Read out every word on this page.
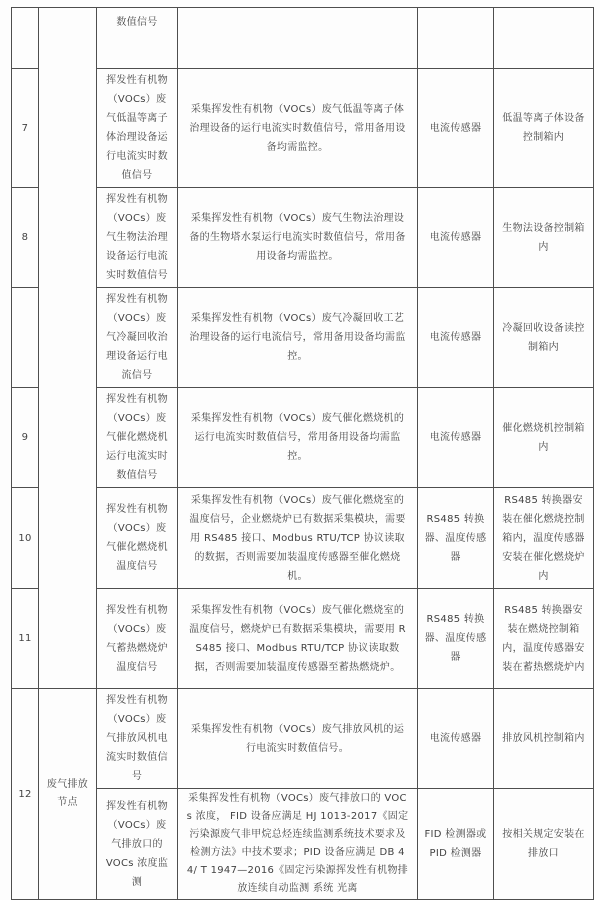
		数值信号			
7		挥发性有机物（VOCs）废气低温等离子体治理设备运行电流实时数值信号	采集挥发性有机物（VOCs）废气低温等离子体治理设备的运行电流实时数值信号，常用备用设备均需监控。	电流传感器	低温等离子体设备控制箱内
8		挥发性有机物（VOCs）废气生物法治理设备运行电流实时数值信号	采集挥发性有机物（VOCs）废气生物法治理设备的生物塔水泵运行电流实时数值信号，常用备用设备均需监控。	电流传感器	生物法设备控制箱内
		挥发性有机物（VOCs）废气冷凝回收治理设备运行电流信号	采集挥发性有机物（VOCs）废气冷凝回收工艺治理设备的运行电流信号，常用备用设备均需监控。	电流传感器	冷凝回收设备读控制箱内
9		挥发性有机物（VOCs）废气催化燃烧机运行电流实时数值信号	采集挥发性有机物（VOCs）废气催化燃烧机的运行电流实时数值信号，常用备用设备均需监控。	电流传感器	催化燃烧机控制箱内
10		挥发性有机物（VOCs）废气催化燃烧机温度信号	采集挥发性有机物（VOCs）废气催化燃烧室的温度信号，企业燃烧炉已有数据采集模块，需要用 RS485 接口、Modbus RTU/TCP 协议读取的数据，否则需要加装温度传感器至催化燃烧机。	RS485 转换器、温度传感器	RS485 转换器安装在催化燃烧控制箱内，温度传感器安装在催化燃烧炉内
11		挥发性有机物（VOCs）废气蓄热燃烧炉温度信号	采集挥发性有机物（VOCs）废气催化燃烧室的温度信号，燃烧炉已有数据采集模块，需要用 RS485 接口、Modbus RTU/TCP 协议读取数据，否则需要加装温度传感器至蓄热燃烧炉。	RS485 转换器、温度传感器	RS485 转换器安装在燃烧控制箱内，温度传感器安装在蓄热燃烧炉内
12	废气排放节点	挥发性有机物（VOCs）废气排放风机电流实时数值信号	采集挥发性有机物（VOCs）废气排放风机的运行电流实时数值信号。	电流传感器	排放风机控制箱内
		挥发性有机物（VOCs）废气排放口的 VOCs 浓度监测	采集挥发性有机物（VOCs）废气排放口的 VOCs 浓度， FID 设备应满足 HJ 1013-2017《固定污染源废气非甲烷总烃连续监测系统技术要求及检测方法》中技术要求；PID 设备应满足 DB 44/ T 1947—2016《固定污染源挥发性有机物排放连续自动监测 系统 光离	FID 检测器或 PID 检测器	按相关规定安装在排放口
